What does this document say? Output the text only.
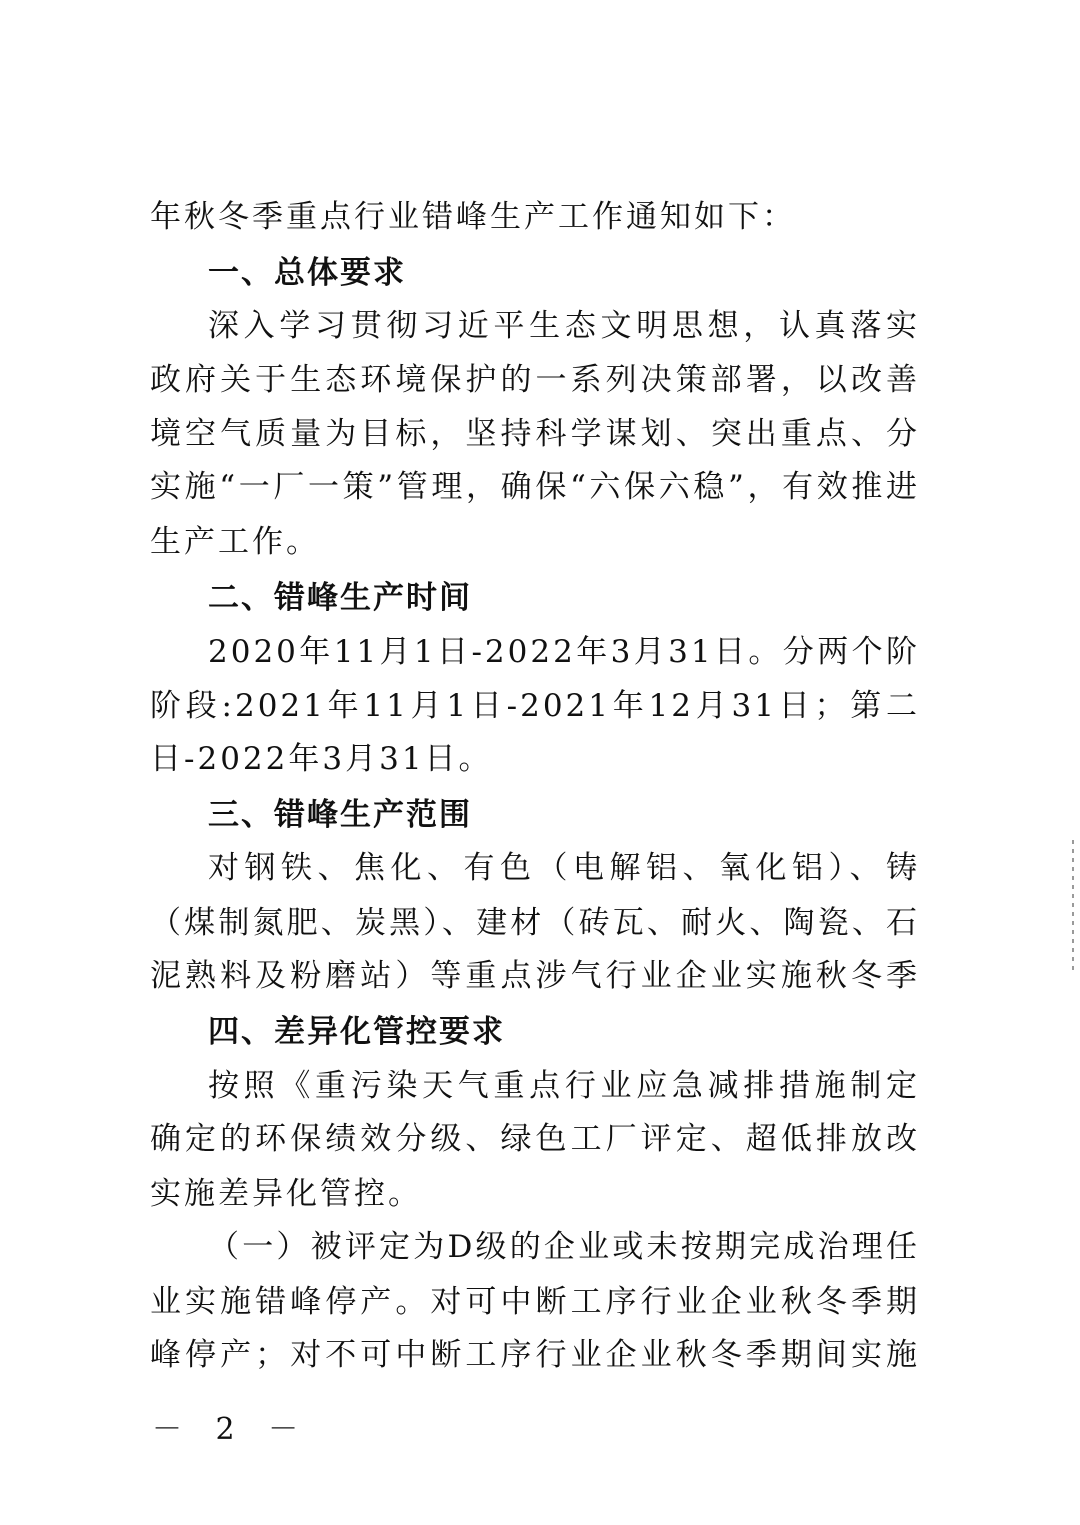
年秋冬季重点行业错峰生产工作通知如下：
一、总体要求
深入学习贯彻习近平生态文明思想，认真落实
政府关于生态环境保护的一系列决策部署，以改善
境空气质量为目标，坚持科学谋划、突出重点、分
实施“一厂一策”管理，确保“六保六稳”，有效推进
生产工作。
二、错峰生产时间
2020年11月1日-2022年3月31日。分两个阶
阶段:2021年11月1日-2021年12月31日；第二
日-2022年3月31日。
三、错峰生产范围
对钢铁、焦化、有色（电解铝、氧化铝）、铸
（煤制氮肥、炭黑）、建材（砖瓦、耐火、陶瓷、石
泥熟料及粉磨站）等重点涉气行业企业实施秋冬季
四、差异化管控要求
按照《重污染天气重点行业应急减排措施制定
确定的环保绩效分级、绿色工厂评定、超低排放改
实施差异化管控。
（一）被评定为D级的企业或未按期完成治理任
业实施错峰停产。对可中断工序行业企业秋冬季期
峰停产；对不可中断工序行业企业秋冬季期间实施
－ 2 －
